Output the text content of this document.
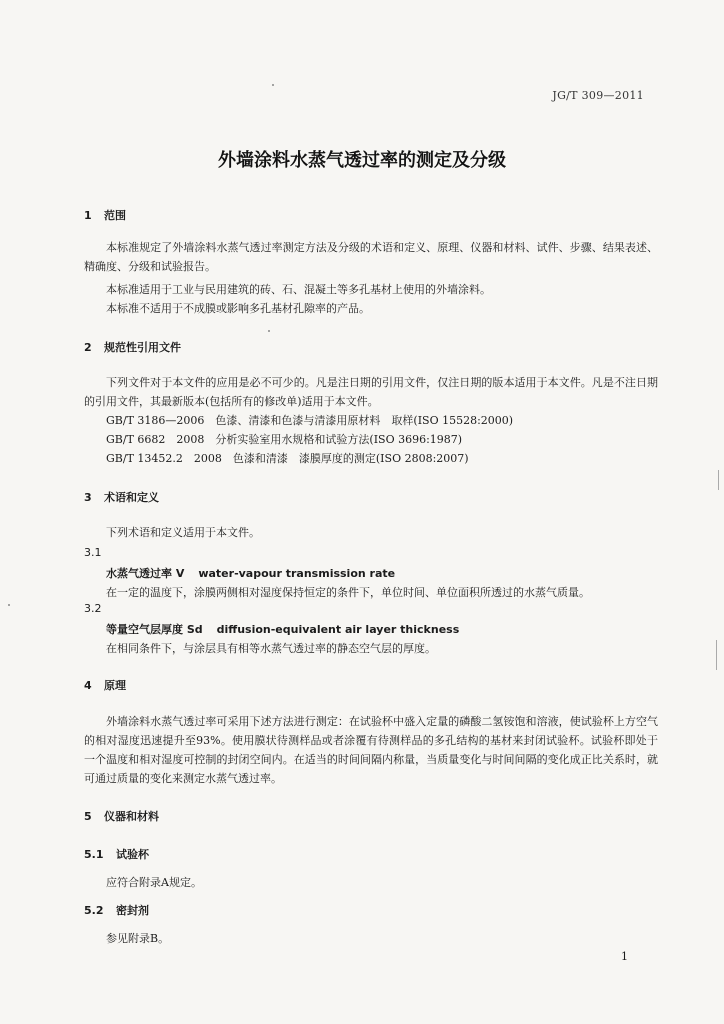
JG/T 309—2011
外墙涂料水蒸气透过率的测定及分级
1 范围
本标准规定了外墙涂料水蒸气透过率测定方法及分级的术语和定义、原理、仪器和材料、试件、步骤、结果表述、精确度、分级和试验报告。
本标准适用于工业与民用建筑的砖、石、混凝土等多孔基材上使用的外墙涂料。
本标准不适用于不成膜或影响多孔基材孔隙率的产品。
2 规范性引用文件
下列文件对于本文件的应用是必不可少的。凡是注日期的引用文件，仅注日期的版本适用于本文件。凡是不注日期的引用文件，其最新版本(包括所有的修改单)适用于本文件。
GB/T 3186—2006　色漆、清漆和色漆与清漆用原材料　取样(ISO 15528:2000)
GB/T 6682　2008　分析实验室用水规格和试验方法(ISO 3696:1987)
GB/T 13452.2　2008　色漆和清漆　漆膜厚度的测定(ISO 2808:2007)
3 术语和定义
下列术语和定义适用于本文件。
3.1
水蒸气透过率 V water-vapour transmission rate
在一定的温度下，涂膜两侧相对湿度保持恒定的条件下，单位时间、单位面积所透过的水蒸气质量。
3.2
等量空气层厚度 Sd diffusion-equivalent air layer thickness
在相同条件下，与涂层具有相等水蒸气透过率的静态空气层的厚度。
4 原理
外墙涂料水蒸气透过率可采用下述方法进行测定：在试验杯中盛入定量的磷酸二氢铵饱和溶液，使试验杯上方空气的相对湿度迅速提升至93%。使用膜状待测样品或者涂覆有待测样品的多孔结构的基材来封闭试验杯。试验杯即处于一个温度和相对湿度可控制的封闭空间内。在适当的时间间隔内称量，当质量变化与时间间隔的变化成正比关系时，就可通过质量的变化来测定水蒸气透过率。
5 仪器和材料
5.1 试验杯
应符合附录A规定。
5.2 密封剂
参见附录B。
1
